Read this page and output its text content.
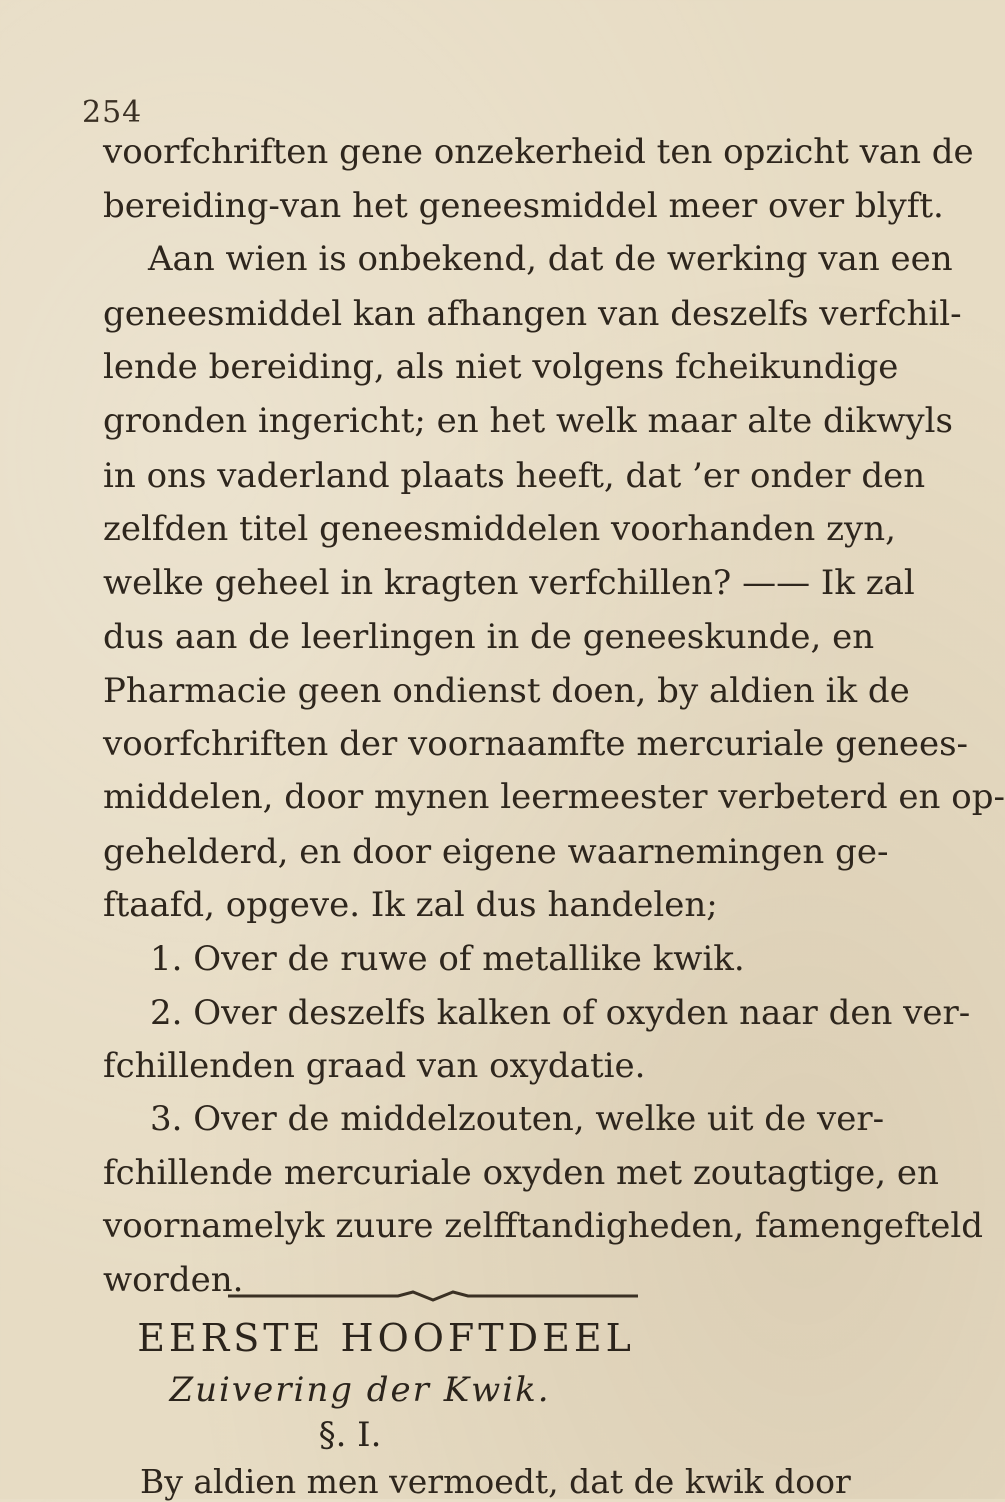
254
voorfchriften gene onzekerheid ten opzicht van de
bereiding-van het geneesmiddel meer over blyft.
Aan wien is onbekend, dat de werking van een
geneesmiddel kan afhangen van deszelfs verfchil-
lende bereiding, als niet volgens fcheikundige
gronden ingericht; en het welk maar alte dikwyls
in ons vaderland plaats heeft, dat ’er onder den
zelfden titel geneesmiddelen voorhanden zyn,
welke geheel in kragten verfchillen? —— Ik zal
dus aan de leerlingen in de geneeskunde, en
Pharmacie geen ondienst doen, by aldien ik de
voorfchriften der voornaamfte mercuriale genees-
middelen, door mynen leermeester verbeterd en op-
gehelderd, en door eigene waarnemingen ge-
ftaafd, opgeve. Ik zal dus handelen;
1. Over de ruwe of metallike kwik.
2. Over deszelfs kalken of oxyden naar den ver-
fchillenden graad van oxydatie.
3. Over de middelzouten, welke uit de ver-
fchillende mercuriale oxyden met zoutagtige, en
voornamelyk zuure zelfftandigheden, famengefteld
worden.
EERSTE HOOFTDEEL
Zuivering der Kwik.
§. I.
By aldien men vermoedt, dat de kwik door
